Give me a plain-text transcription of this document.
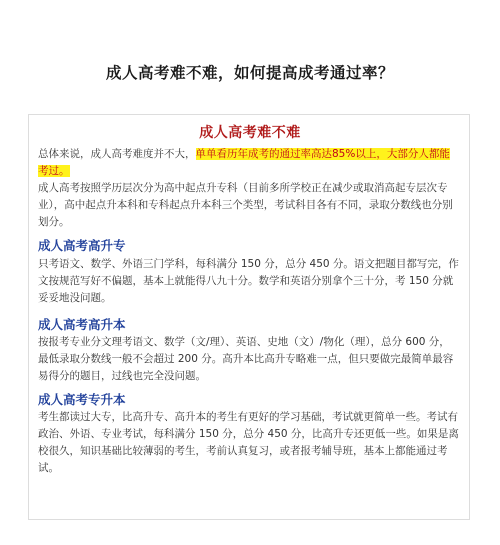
成人高考难不难，如何提高成考通过率？
成人高考难不难

总体来说，成人高考难度并不大，单单看历年成考的通过率高达85%以上，大部分人都能考过。

成人高考按照学历层次分为高中起点升专科（目前多所学校正在减少或取消高起专层次专业），高中起点升本科和专科起点升本科三个类型，考试科目各有不同，录取分数线也分别划分。

成人高考高升专

只考语文、数学、外语三门学科，每科满分 150 分，总分 450 分。语文把题目都写完，作文按规范写好不偏题，基本上就能得八九十分。数学和英语分别拿个三十分，考 150 分就妥妥地没问题。

成人高考高升本

按报考专业分文理考语文、数学（文/理）、英语、史地（文）/物化（理），总分 600 分，最低录取分数线一般不会超过 200 分。高升本比高升专略难一点，但只要做完最简单最容易得分的题目，过线也完全没问题。

成人高考专升本

考生都读过大专，比高升专、高升本的考生有更好的学习基础，考试就更简单一些。考试有政治、外语、专业考试，每科满分 150 分，总分 450 分，比高升专还更低一些。如果是离校很久，知识基础比较薄弱的考生，考前认真复习，或者报考辅导班，基本上都能通过考试。
